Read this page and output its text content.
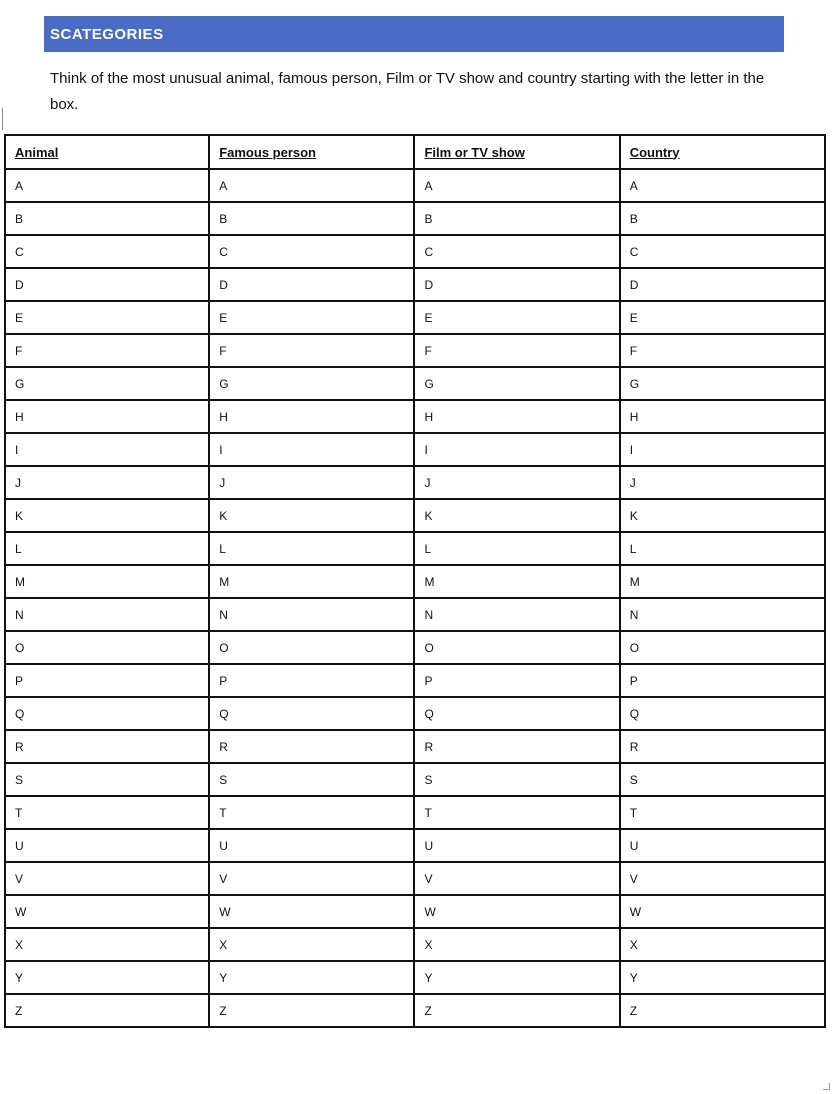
SCATEGORIES
Think of the most unusual animal, famous person, Film or TV show and country starting with the letter in the box.
Animal	Famous person	Film or TV show	Country
A	A	A	A
B	B	B	B
C	C	C	C
D	D	D	D
E	E	E	E
F	F	F	F
G	G	G	G
H	H	H	H
I	I	I	I
J	J	J	J
K	K	K	K
L	L	L	L
M	M	M	M
N	N	N	N
O	O	O	O
P	P	P	P
Q	Q	Q	Q
R	R	R	R
S	S	S	S
T	T	T	T
U	U	U	U
V	V	V	V
W	W	W	W
X	X	X	X
Y	Y	Y	Y
Z	Z	Z	Z
